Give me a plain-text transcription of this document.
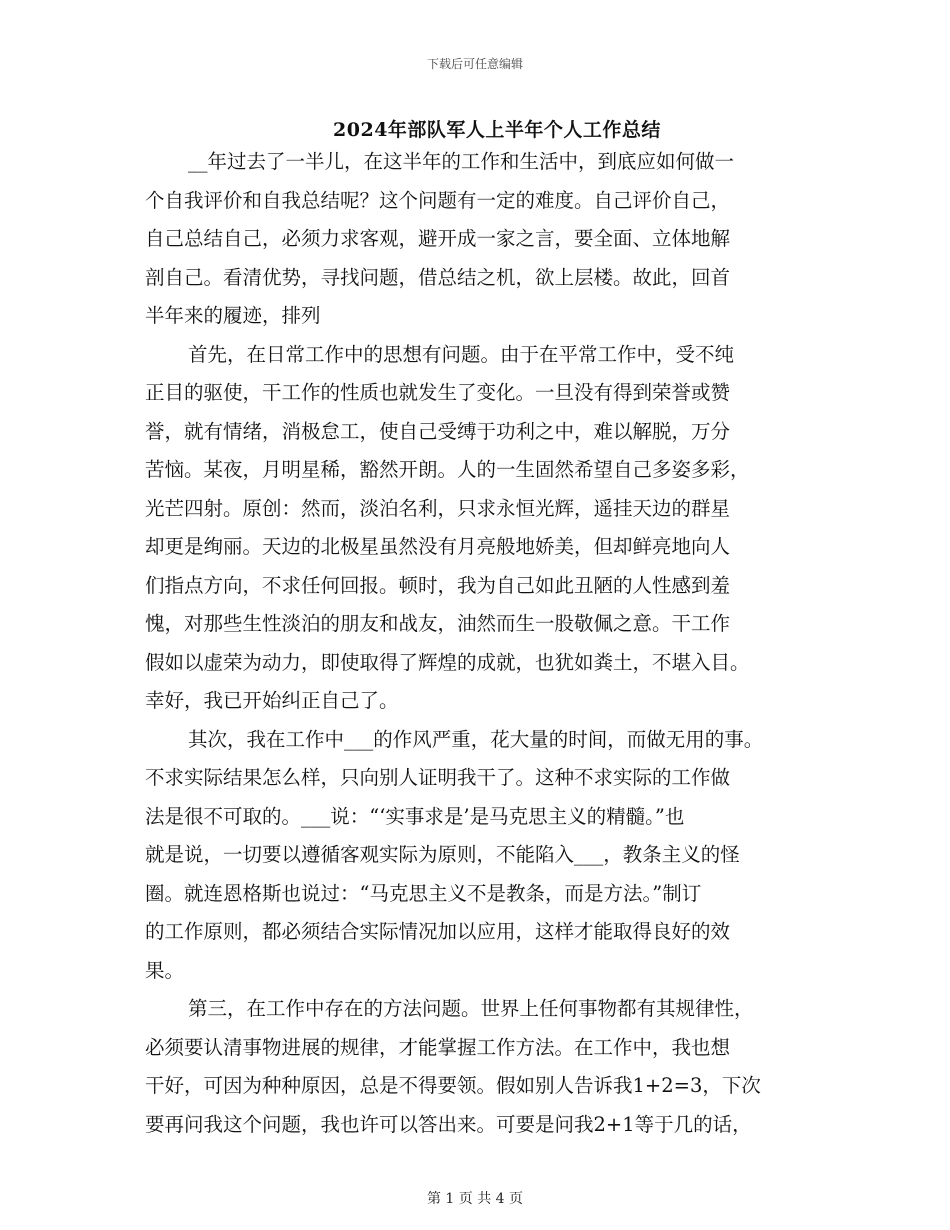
下载后可任意编辑
2024年部队军人上半年个人工作总结
__年过去了一半儿，在这半年的工作和生活中，到底应如何做一
个自我评价和自我总结呢？这个问题有一定的难度。自己评价自己，
自己总结自己，必须力求客观，避开成一家之言，要全面、立体地解
剖自己。看清优势，寻找问题，借总结之机，欲上层楼。故此，回首
半年来的履迹，排列
首先，在日常工作中的思想有问题。由于在平常工作中，受不纯
正目的驱使，干工作的性质也就发生了变化。一旦没有得到荣誉或赞
誉，就有情绪，消极怠工，使自己受缚于功利之中，难以解脱，万分
苦恼。某夜，月明星稀，豁然开朗。人的一生固然希望自己多姿多彩，
光芒四射。原创：然而，淡泊名利，只求永恒光辉，遥挂天边的群星
却更是绚丽。天边的北极星虽然没有月亮般地娇美，但却鲜亮地向人
们指点方向，不求任何回报。顿时，我为自己如此丑陋的人性感到羞
愧，对那些生性淡泊的朋友和战友，油然而生一股敬佩之意。干工作
假如以虚荣为动力，即使取得了辉煌的成就，也犹如粪土，不堪入目。
幸好，我已开始纠正自己了。
其次，我在工作中___的作风严重，花大量的时间，而做无用的事。
不求实际结果怎么样，只向别人证明我干了。这种不求实际的工作做
法是很不可取的。___说：“‘实事求是’是马克思主义的精髓。”也
就是说，一切要以遵循客观实际为原则，不能陷入___，教条主义的怪
圈。就连恩格斯也说过：“马克思主义不是教条，而是方法。”制订
的工作原则，都必须结合实际情况加以应用，这样才能取得良好的效
果。
第三，在工作中存在的方法问题。世界上任何事物都有其规律性，
必须要认清事物进展的规律，才能掌握工作方法。在工作中，我也想
干好，可因为种种原因，总是不得要领。假如别人告诉我1+2=3，下次
要再问我这个问题，我也许可以答出来。可要是问我2+1等于几的话，
第 1 页 共 4 页
